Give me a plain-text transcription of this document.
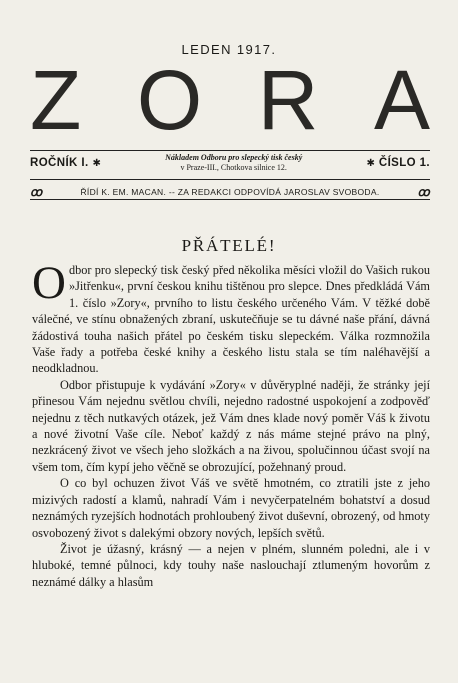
LEDEN 1917.
Z O R A
ROČNÍK I. ✱	Nákladem Odboru pro slepecký tisk český
v Praze-III., Chotkova silnice 12.	✱ ČÍSLO 1.
ꝏ	ŘÍDÍ K. EM. MACAN. -- ZA REDAKCI ODPOVÍDÁ JAROSLAV SVOBODA.	ꝏ
PŘÁTELÉ!

Odbor pro slepecký tisk český před několika měsíci vložil do Vašich rukou »Jitřenku«, první českou knihu tištěnou pro slepce. Dnes předkládá Vám 1. číslo »Zory«, prvního to listu českého určeného Vám. V těžké době válečné, ve stínu obnažených zbraní, uskutečňuje se tu dávné naše přání, dávná žádostivá touha našich přátel po českém tisku slepeckém. Válka rozmnožila Vaše řady a potřeba české knihy a českého listu stala se tím naléhavější a neodkladnou.

Odbor přistupuje k vydávání »Zory« v důvěryplné naději, že stránky její přinesou Vám nejednu světlou chvíli, nejedno radostné uspokojení a zodpověď nejednu z těch nutkavých otázek, jež Vám dnes klade nový poměr Váš k životu a nové životní Vaše cíle. Neboť každý z nás máme stejné právo na plný, nezkrácený život ve všech jeho složkách a na živou, spolučinnou účast svojí na všem tom, čím kypí jeho věčně se obrozující, požehnaný proud.

O co byl ochuzen život Váš ve světě hmotném, co ztratili jste z jeho mizivých radostí a klamů, nahradí Vám i nevyčerpatelném bohatství a dosud neznámých ryzejších hodnotách prohloubený život duševní, obrozený, od hmoty osvobozený život s dalekými obzory nových, lepších světů.

Život je úžasný, krásný — a nejen v plném, slunném poledni, ale i v hluboké, temné půlnoci, kdy touhy naše naslouchají ztlumeným hovorům z neznámé dálky a hlasům
